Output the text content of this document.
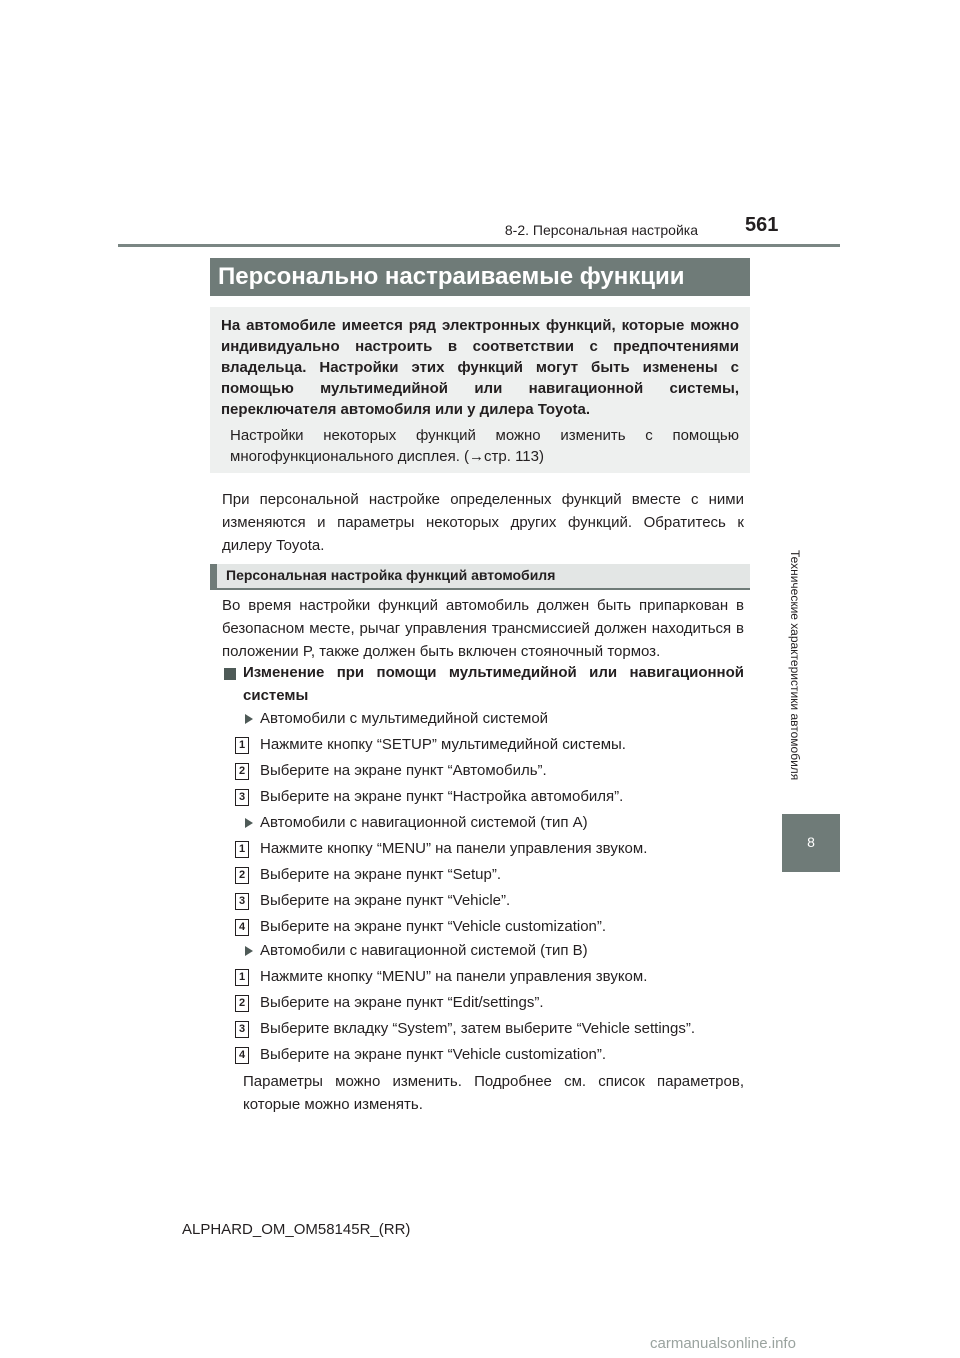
8-2. Персональная настройка 561
Персонально настраиваемые функции

На автомобиле имеется ряд электронных функций, которые можно индивидуально настроить в соответствии с предпочтениями владельца. Настройки этих функций могут быть изменены с помощью мультимедийной или навигационной системы, переключателя автомобиля или у дилера Toyota.

Настройки некоторых функций можно изменить с помощью многофункционального дисплея. (→стр. 113)

При персональной настройке определенных функций вместе с ними изменяются и параметры некоторых других функций. Обратитесь к дилеру Toyota.

Персональная настройка функций автомобиля

Во время настройки функций автомобиль должен быть припаркован в безопасном месте, рычаг управления трансмиссией должен находиться в положении P, также должен быть включен стояночный тормоз.

Изменение при помощи мультимедийной или навигационной системы

Автомобили с мультимедийной системой
1 Нажмите кнопку “SETUP” мультимедийной системы.
2 Выберите на экране пункт “Автомобиль”.
3 Выберите на экране пункт “Настройка автомобиля”.
Автомобили с навигационной системой (тип A)
1 Нажмите кнопку “MENU” на панели управления звуком.
2 Выберите на экране пункт “Setup”.
3 Выберите на экране пункт “Vehicle”.
4 Выберите на экране пункт “Vehicle customization”.
Автомобили с навигационной системой (тип B)
1 Нажмите кнопку “MENU” на панели управления звуком.
2 Выберите на экране пункт “Edit/settings”.
3 Выберите вкладку “System”, затем выберите “Vehicle settings”.
4 Выберите на экране пункт “Vehicle customization”.

Параметры можно изменить. Подробнее см. список параметров, которые можно изменять.

ALPHARD_OM_OM58145R_(RR)
Технические характеристики автомобиля
8
carmanualsonline.info
